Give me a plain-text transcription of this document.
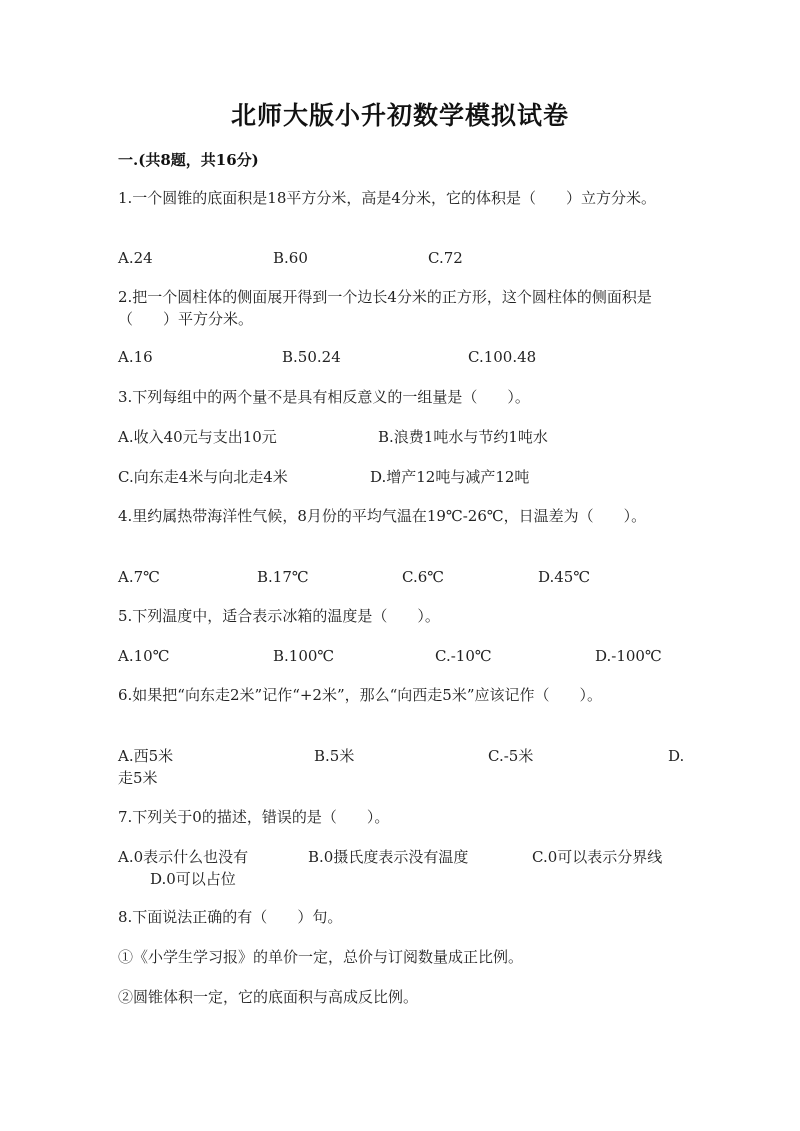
北师大版小升初数学模拟试卷
一.(共8题，共16分)
1.一个圆锥的底面积是18平方分米，高是4分米，它的体积是（　　）立方分米。
A.24	B.60	C.72
2.把一个圆柱体的侧面展开得到一个边长4分米的正方形，这个圆柱体的侧面积是（　　）平方分米。
A.16	B.50.24	C.100.48
3.下列每组中的两个量不是具有相反意义的一组量是（　　）。
A.收入40元与支出10元	B.浪费1吨水与节约1吨水
C.向东走4米与向北走4米	D.增产12吨与减产12吨
4.里约属热带海洋性气候，8月份的平均气温在19℃-26℃，日温差为（　　）。
A.7℃	B.17℃	C.6℃	D.45℃
5.下列温度中，适合表示冰箱的温度是（　　）。
A.10℃	B.100℃	C.-10℃	D.-100℃
6.如果把“向东走2米”记作“+2米”，那么“向西走5米”应该记作（　　）。
A.西5米	B.5米	C.-5米	D.
走5米
7.下列关于0的描述，错误的是（　　）。
A.0表示什么也没有	B.0摄氏度表示没有温度	C.0可以表示分界线
D.0可以占位
8.下面说法正确的有（　　）句。
①《小学生学习报》的单价一定，总价与订阅数量成正比例。
②圆锥体积一定，它的底面积与高成反比例。
